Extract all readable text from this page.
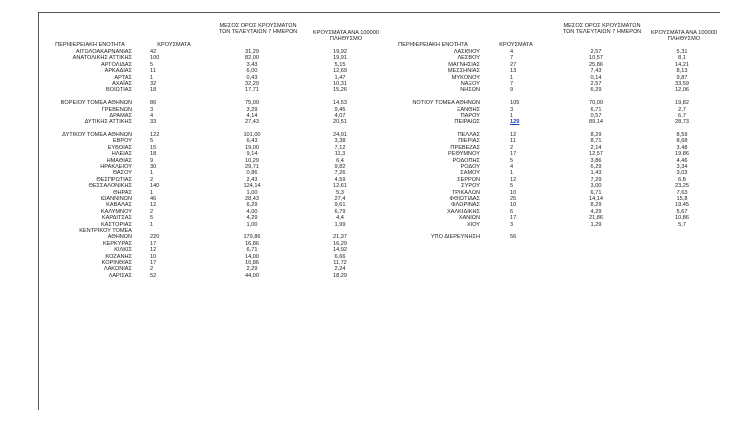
ΠΕΡΙΦΕΡΕΙΑΚΗ ΕΝΟΤΗΤΑ	ΚΡΟΥΣΜΑΤΑ
ΜΕΣΟΣ ΟΡΟΣ ΚΡΟΥΣΜΑΤΩΝ ΤΩΝ ΤΕΛΕΥΤΑΙΩΝ 7 ΗΜΕΡΩΝ	ΚΡΟΥΣΜΑΤΑ ΑΝΑ 100000 ΠΛΗΘΥΣΜΟ
ΠΕΡΙΦΕΡΕΙΑΚΗ ΕΝΟΤΗΤΑ	ΚΡΟΥΣΜΑΤΑ
ΜΕΣΟΣ ΟΡΟΣ ΚΡΟΥΣΜΑΤΩΝ ΤΩΝ ΤΕΛΕΥΤΑΙΩΝ 7 ΗΜΕΡΩΝ	ΚΡΟΥΣΜΑΤΑ ΑΝΑ 100000 ΠΛΗΘΥΣΜΟ
ΑΙΤΩΛΟΑΚΑΡΝΑΝΙΑΣ	42	31,29	19,92
ΑΝΑΤΟΛΙΚΗΣ ΑΤΤΙΚΗΣ	100	82,00	19,91
ΑΡΓΟΛΙΔΑΣ	5	3,43	5,15
ΑΡΚΑΔΙΑΣ	11	6,00	12,69
ΑΡΤΑΣ	1	0,43	1,47
ΑΧΑΪΑΣ	32	32,29	10,31
ΒΟΙΩΤΙΑΣ	18	17,71	15,26
ΒΟΡΕΙΟΥ ΤΟΜΕΑ ΑΘΗΝΩΝ	86	75,00	14,53
ΓΡΕΒΕΝΩΝ	3	3,29	9,45
ΔΡΑΜΑΣ	4	4,14	4,07
ΔΥΤΙΚΗΣ ΑΤΤΙΚΗΣ	33	27,43	20,51
ΔΥΤΙΚΟΥ ΤΟΜΕΑ ΑΘΗΝΩΝ	122	101,00	24,91
ΕΒΡΟΥ	5	6,43	3,38
ΕΥΒΟΙΑΣ	15	19,00	7,12
ΗΛΕΙΑΣ	18	9,14	11,3
ΗΜΑΘΙΑΣ	9	10,29	6,4
ΗΡΑΚΛΕΙΟΥ	30	29,71	9,82
ΘΑΣΟΥ	1	0,86	7,26
ΘΕΣΠΡΩΤΙΑΣ	2	2,43	4,59
ΘΕΣΣΑΛΟΝΙΚΗΣ	140	124,14	12,61
ΘΗΡΑΣ	1	1,00	5,3
ΙΩΑΝΝΙΝΩΝ	46	28,43	27,4
ΚΑΒΑΛΑΣ	12	6,29	9,61
ΚΑΛΥΜΝΟΥ	2	4,00	6,79
ΚΑΡΔΙΤΣΑΣ	5	4,29	4,4
ΚΑΣΤΟΡΙΑΣ	1	1,00	1,99
ΚΕΝΤΡΙΚΟΥ ΤΟΜΕΑ
ΑΘΗΝΩΝ	220	179,86	21,37
ΚΕΡΚΥΡΑΣ	17	16,86	16,29
ΚΙΛΚΙΣ	12	6,71	14,92
ΚΟΖΑΝΗΣ	10	14,00	6,66
ΚΟΡΙΝΘΙΑΣ	17	10,86	11,72
ΛΑΚΩΝΙΑΣ	2	2,29	2,24
ΛΑΡΙΣΑΣ	52	44,00	18,29
ΛΑΣΙΘΙΟΥ	4	2,57	5,31
ΛΕΣΒΟΥ	7	10,57	8,1
ΜΑΓΝΗΣΙΑΣ	27	25,86	14,21
ΜΕΣΣΗΝΙΑΣ	13	7,43	8,13
ΜΥΚΟΝΟΥ	1	0,14	9,87
ΝΑΞΟΥ	7	2,57	33,59
ΝΗΣΩΝ	9	6,29	12,06
ΝΟΤΙΟΥ ΤΟΜΕΑ ΑΘΗΝΩΝ	105	70,00	19,82
ΞΑΝΘΗΣ	3	6,71	2,7
ΠΑΡΟΥ	1	0,57	6,7
ΠΕΙΡΑΙΩΣ	129	89,14	28,73
ΠΕΛΛΑΣ	12	8,29	8,59
ΠΙΕΡΙΑΣ	11	8,71	8,68
ΠΡΕΒΕΖΑΣ	2	2,14	3,48
ΡΕΘΥΜΝΟΥ	17	12,57	19,86
ΡΟΔΟΠΗΣ	5	3,86	4,46
ΡΟΔΟΥ	4	6,29	3,34
ΣΑΜΟΥ	1	1,43	3,03
ΣΕΡΡΩΝ	12	7,29	6,8
ΣΥΡΟΥ	5	3,00	23,25
ΤΡΙΚΑΛΩΝ	10	6,71	7,63
ΦΘΙΩΤΙΔΑΣ	25	14,14	15,8
ΦΛΩΡΙΝΑΣ	10	8,29	19,45
ΧΑΛΚΙΔΙΚΗΣ	6	4,29	5,67
ΧΑΝΙΩΝ	17	21,86	10,86
ΧΙΟΥ	3	1,29	5,7
ΥΠΟ ΔΙΕΡΕΥΝΗΣΗ	56
